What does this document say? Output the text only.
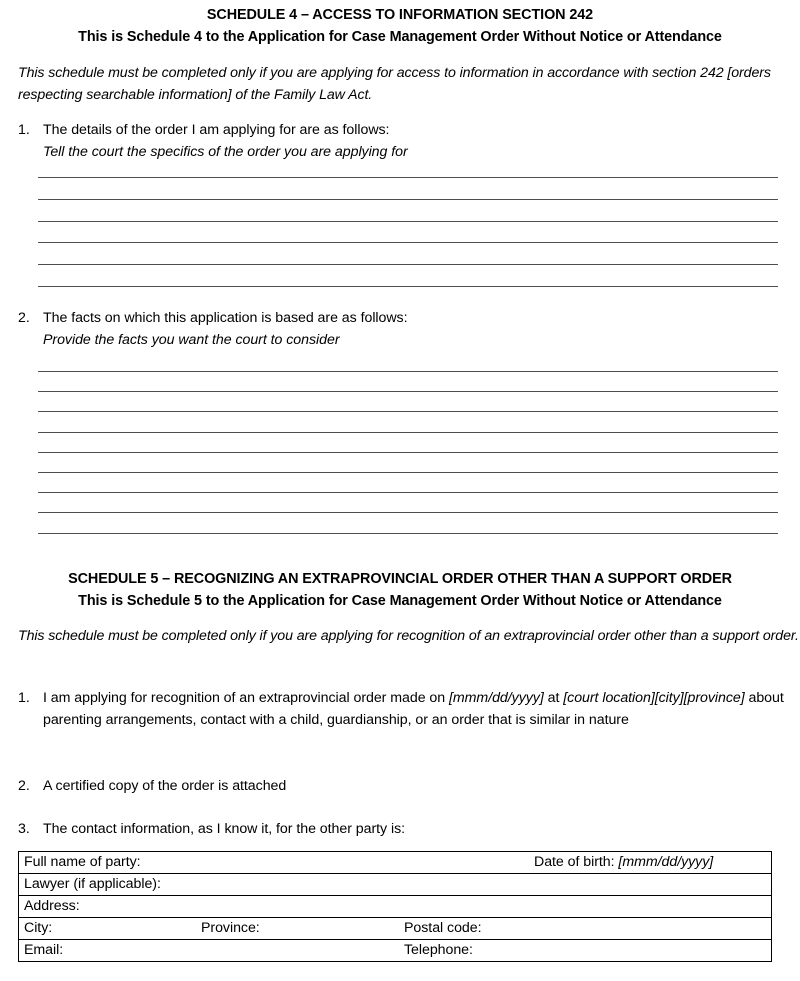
SCHEDULE 4 – ACCESS TO INFORMATION SECTION 242
This is Schedule 4 to the Application for Case Management Order Without Notice or Attendance
This schedule must be completed only if you are applying for access to information in accordance with section 242 [orders respecting searchable information] of the Family Law Act.
1. The details of the order I am applying for are as follows:
Tell the court the specifics of the order you are applying for
2. The facts on which this application is based are as follows:
Provide the facts you want the court to consider
SCHEDULE 5 – RECOGNIZING AN EXTRAPROVINCIAL ORDER OTHER THAN A SUPPORT ORDER
This is Schedule 5 to the Application for Case Management Order Without Notice or Attendance
This schedule must be completed only if you are applying for recognition of an extraprovincial order other than a support order.
1. I am applying for recognition of an extraprovincial order made on [mmm/dd/yyyy] at [court location][city][province] about parenting arrangements, contact with a child, guardianship, or an order that is similar in nature
2. A certified copy of the order is attached
3. The contact information, as I know it, for the other party is:
Full name of party:	Date of birth: [mmm/dd/yyyy]

Lawyer (if applicable):

Address:

City:	Province:	Postal code:

Email:	Telephone:
